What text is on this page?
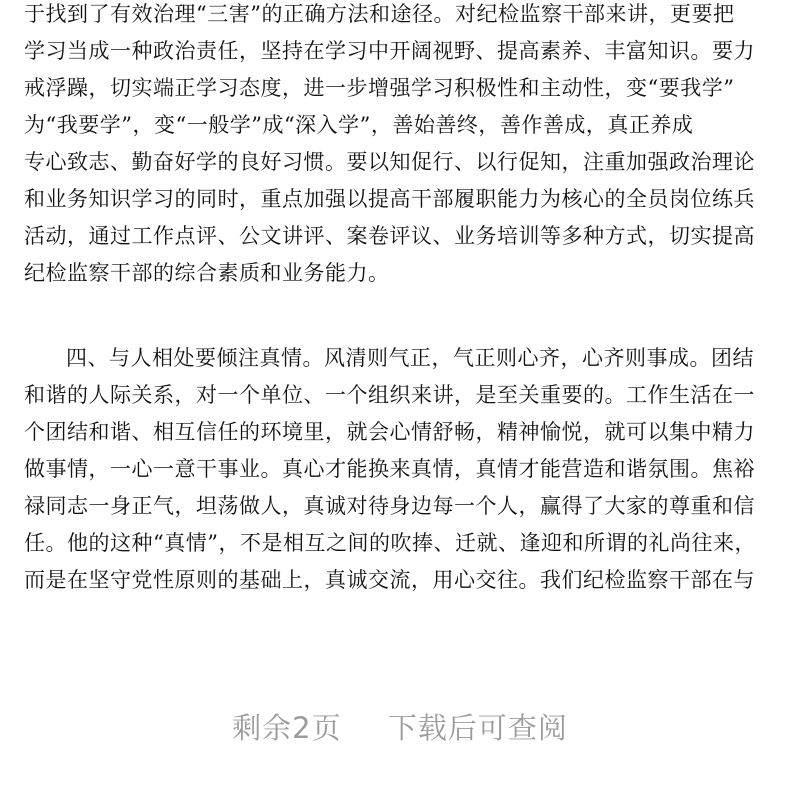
于找到了有效治理“三害”的正确方法和途径。对纪检监察干部来讲，更要把
学习当成一种政治责任，坚持在学习中开阔视野、提高素养、丰富知识。要力
戒浮躁，切实端正学习态度，进一步增强学习积极性和主动性，变“要我学”
为“我要学”，变“一般学”成“深入学”，善始善终，善作善成，真正养成
专心致志、勤奋好学的良好习惯。要以知促行、以行促知，注重加强政治理论
和业务知识学习的同时，重点加强以提高干部履职能力为核心的全员岗位练兵
活动，通过工作点评、公文讲评、案卷评议、业务培训等多种方式，切实提高
纪检监察干部的综合素质和业务能力。
四、与人相处要倾注真情。风清则气正，气正则心齐，心齐则事成。团结
和谐的人际关系，对一个单位、一个组织来讲，是至关重要的。工作生活在一
个团结和谐、相互信任的环境里，就会心情舒畅，精神愉悦，就可以集中精力
做事情，一心一意干事业。真心才能换来真情，真情才能营造和谐氛围。焦裕
禄同志一身正气，坦荡做人，真诚对待身边每一个人，赢得了大家的尊重和信
任。他的这种“真情”，不是相互之间的吹捧、迁就、逢迎和所谓的礼尚往来，
而是在坚守党性原则的基础上，真诚交流，用心交往。我们纪检监察干部在与
剩余2页 下载后可查阅
